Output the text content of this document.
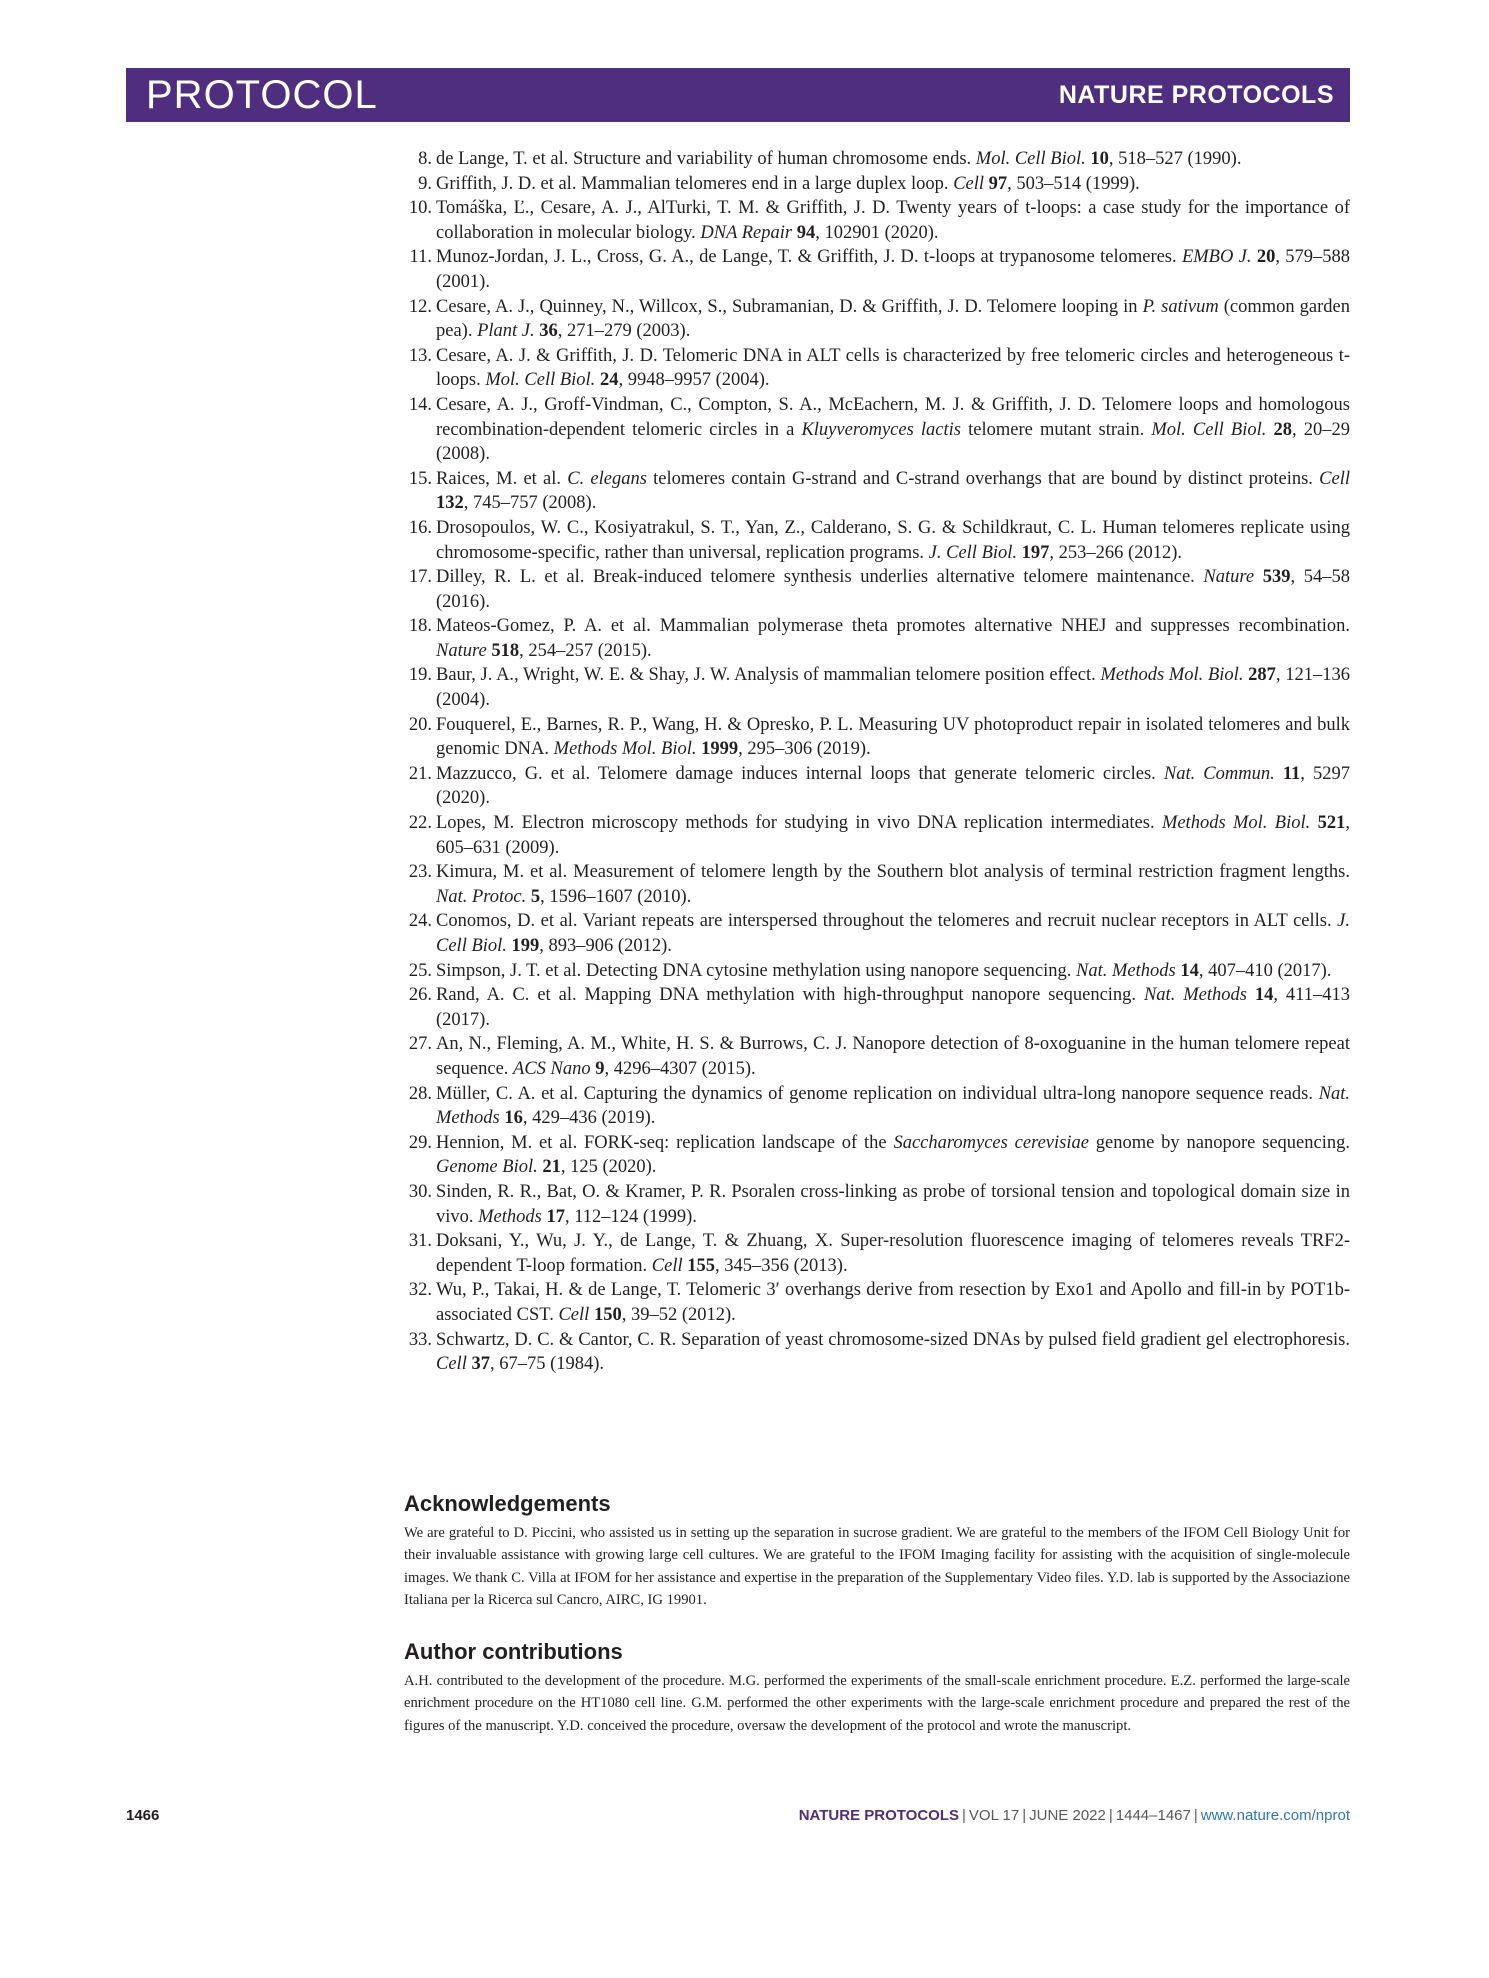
PROTOCOL	NATURE PROTOCOLS
8. de Lange, T. et al. Structure and variability of human chromosome ends. Mol. Cell Biol. 10, 518–527 (1990).
9. Griffith, J. D. et al. Mammalian telomeres end in a large duplex loop. Cell 97, 503–514 (1999).
10. Tomáška, Ľ., Cesare, A. J., AlTurki, T. M. & Griffith, J. D. Twenty years of t-loops: a case study for the importance of collaboration in molecular biology. DNA Repair 94, 102901 (2020).
11. Munoz-Jordan, J. L., Cross, G. A., de Lange, T. & Griffith, J. D. t-loops at trypanosome telomeres. EMBO J. 20, 579–588 (2001).
12. Cesare, A. J., Quinney, N., Willcox, S., Subramanian, D. & Griffith, J. D. Telomere looping in P. sativum (common garden pea). Plant J. 36, 271–279 (2003).
13. Cesare, A. J. & Griffith, J. D. Telomeric DNA in ALT cells is characterized by free telomeric circles and heterogeneous t-loops. Mol. Cell Biol. 24, 9948–9957 (2004).
14. Cesare, A. J., Groff-Vindman, C., Compton, S. A., McEachern, M. J. & Griffith, J. D. Telomere loops and homologous recombination-dependent telomeric circles in a Kluyveromyces lactis telomere mutant strain. Mol. Cell Biol. 28, 20–29 (2008).
15. Raices, M. et al. C. elegans telomeres contain G-strand and C-strand overhangs that are bound by distinct proteins. Cell 132, 745–757 (2008).
16. Drosopoulos, W. C., Kosiyatrakul, S. T., Yan, Z., Calderano, S. G. & Schildkraut, C. L. Human telomeres replicate using chromosome-specific, rather than universal, replication programs. J. Cell Biol. 197, 253–266 (2012).
17. Dilley, R. L. et al. Break-induced telomere synthesis underlies alternative telomere maintenance. Nature 539, 54–58 (2016).
18. Mateos-Gomez, P. A. et al. Mammalian polymerase theta promotes alternative NHEJ and suppresses recombination. Nature 518, 254–257 (2015).
19. Baur, J. A., Wright, W. E. & Shay, J. W. Analysis of mammalian telomere position effect. Methods Mol. Biol. 287, 121–136 (2004).
20. Fouquerel, E., Barnes, R. P., Wang, H. & Opresko, P. L. Measuring UV photoproduct repair in isolated telomeres and bulk genomic DNA. Methods Mol. Biol. 1999, 295–306 (2019).
21. Mazzucco, G. et al. Telomere damage induces internal loops that generate telomeric circles. Nat. Commun. 11, 5297 (2020).
22. Lopes, M. Electron microscopy methods for studying in vivo DNA replication intermediates. Methods Mol. Biol. 521, 605–631 (2009).
23. Kimura, M. et al. Measurement of telomere length by the Southern blot analysis of terminal restriction fragment lengths. Nat. Protoc. 5, 1596–1607 (2010).
24. Conomos, D. et al. Variant repeats are interspersed throughout the telomeres and recruit nuclear receptors in ALT cells. J. Cell Biol. 199, 893–906 (2012).
25. Simpson, J. T. et al. Detecting DNA cytosine methylation using nanopore sequencing. Nat. Methods 14, 407–410 (2017).
26. Rand, A. C. et al. Mapping DNA methylation with high-throughput nanopore sequencing. Nat. Methods 14, 411–413 (2017).
27. An, N., Fleming, A. M., White, H. S. & Burrows, C. J. Nanopore detection of 8-oxoguanine in the human telomere repeat sequence. ACS Nano 9, 4296–4307 (2015).
28. Müller, C. A. et al. Capturing the dynamics of genome replication on individual ultra-long nanopore sequence reads. Nat. Methods 16, 429–436 (2019).
29. Hennion, M. et al. FORK-seq: replication landscape of the Saccharomyces cerevisiae genome by nanopore sequencing. Genome Biol. 21, 125 (2020).
30. Sinden, R. R., Bat, O. & Kramer, P. R. Psoralen cross-linking as probe of torsional tension and topological domain size in vivo. Methods 17, 112–124 (1999).
31. Doksani, Y., Wu, J. Y., de Lange, T. & Zhuang, X. Super-resolution fluorescence imaging of telomeres reveals TRF2-dependent T-loop formation. Cell 155, 345–356 (2013).
32. Wu, P., Takai, H. & de Lange, T. Telomeric 3′ overhangs derive from resection by Exo1 and Apollo and fill-in by POT1b-associated CST. Cell 150, 39–52 (2012).
33. Schwartz, D. C. & Cantor, C. R. Separation of yeast chromosome-sized DNAs by pulsed field gradient gel electrophoresis. Cell 37, 67–75 (1984).
Acknowledgements

We are grateful to D. Piccini, who assisted us in setting up the separation in sucrose gradient. We are grateful to the members of the IFOM Cell Biology Unit for their invaluable assistance with growing large cell cultures. We are grateful to the IFOM Imaging facility for assisting with the acquisition of single-molecule images. We thank C. Villa at IFOM for her assistance and expertise in the preparation of the Supplementary Video files. Y.D. lab is supported by the Associazione Italiana per la Ricerca sul Cancro, AIRC, IG 19901.

Author contributions

A.H. contributed to the development of the procedure. M.G. performed the experiments of the small-scale enrichment procedure. E.Z. performed the large-scale enrichment procedure on the HT1080 cell line. G.M. performed the other experiments with the large-scale enrichment procedure and prepared the rest of the figures of the manuscript. Y.D. conceived the procedure, oversaw the development of the protocol and wrote the manuscript.

1466	NATURE PROTOCOLS | VOL 17 | JUNE 2022 | 1444–1467 | www.nature.com/nprot
